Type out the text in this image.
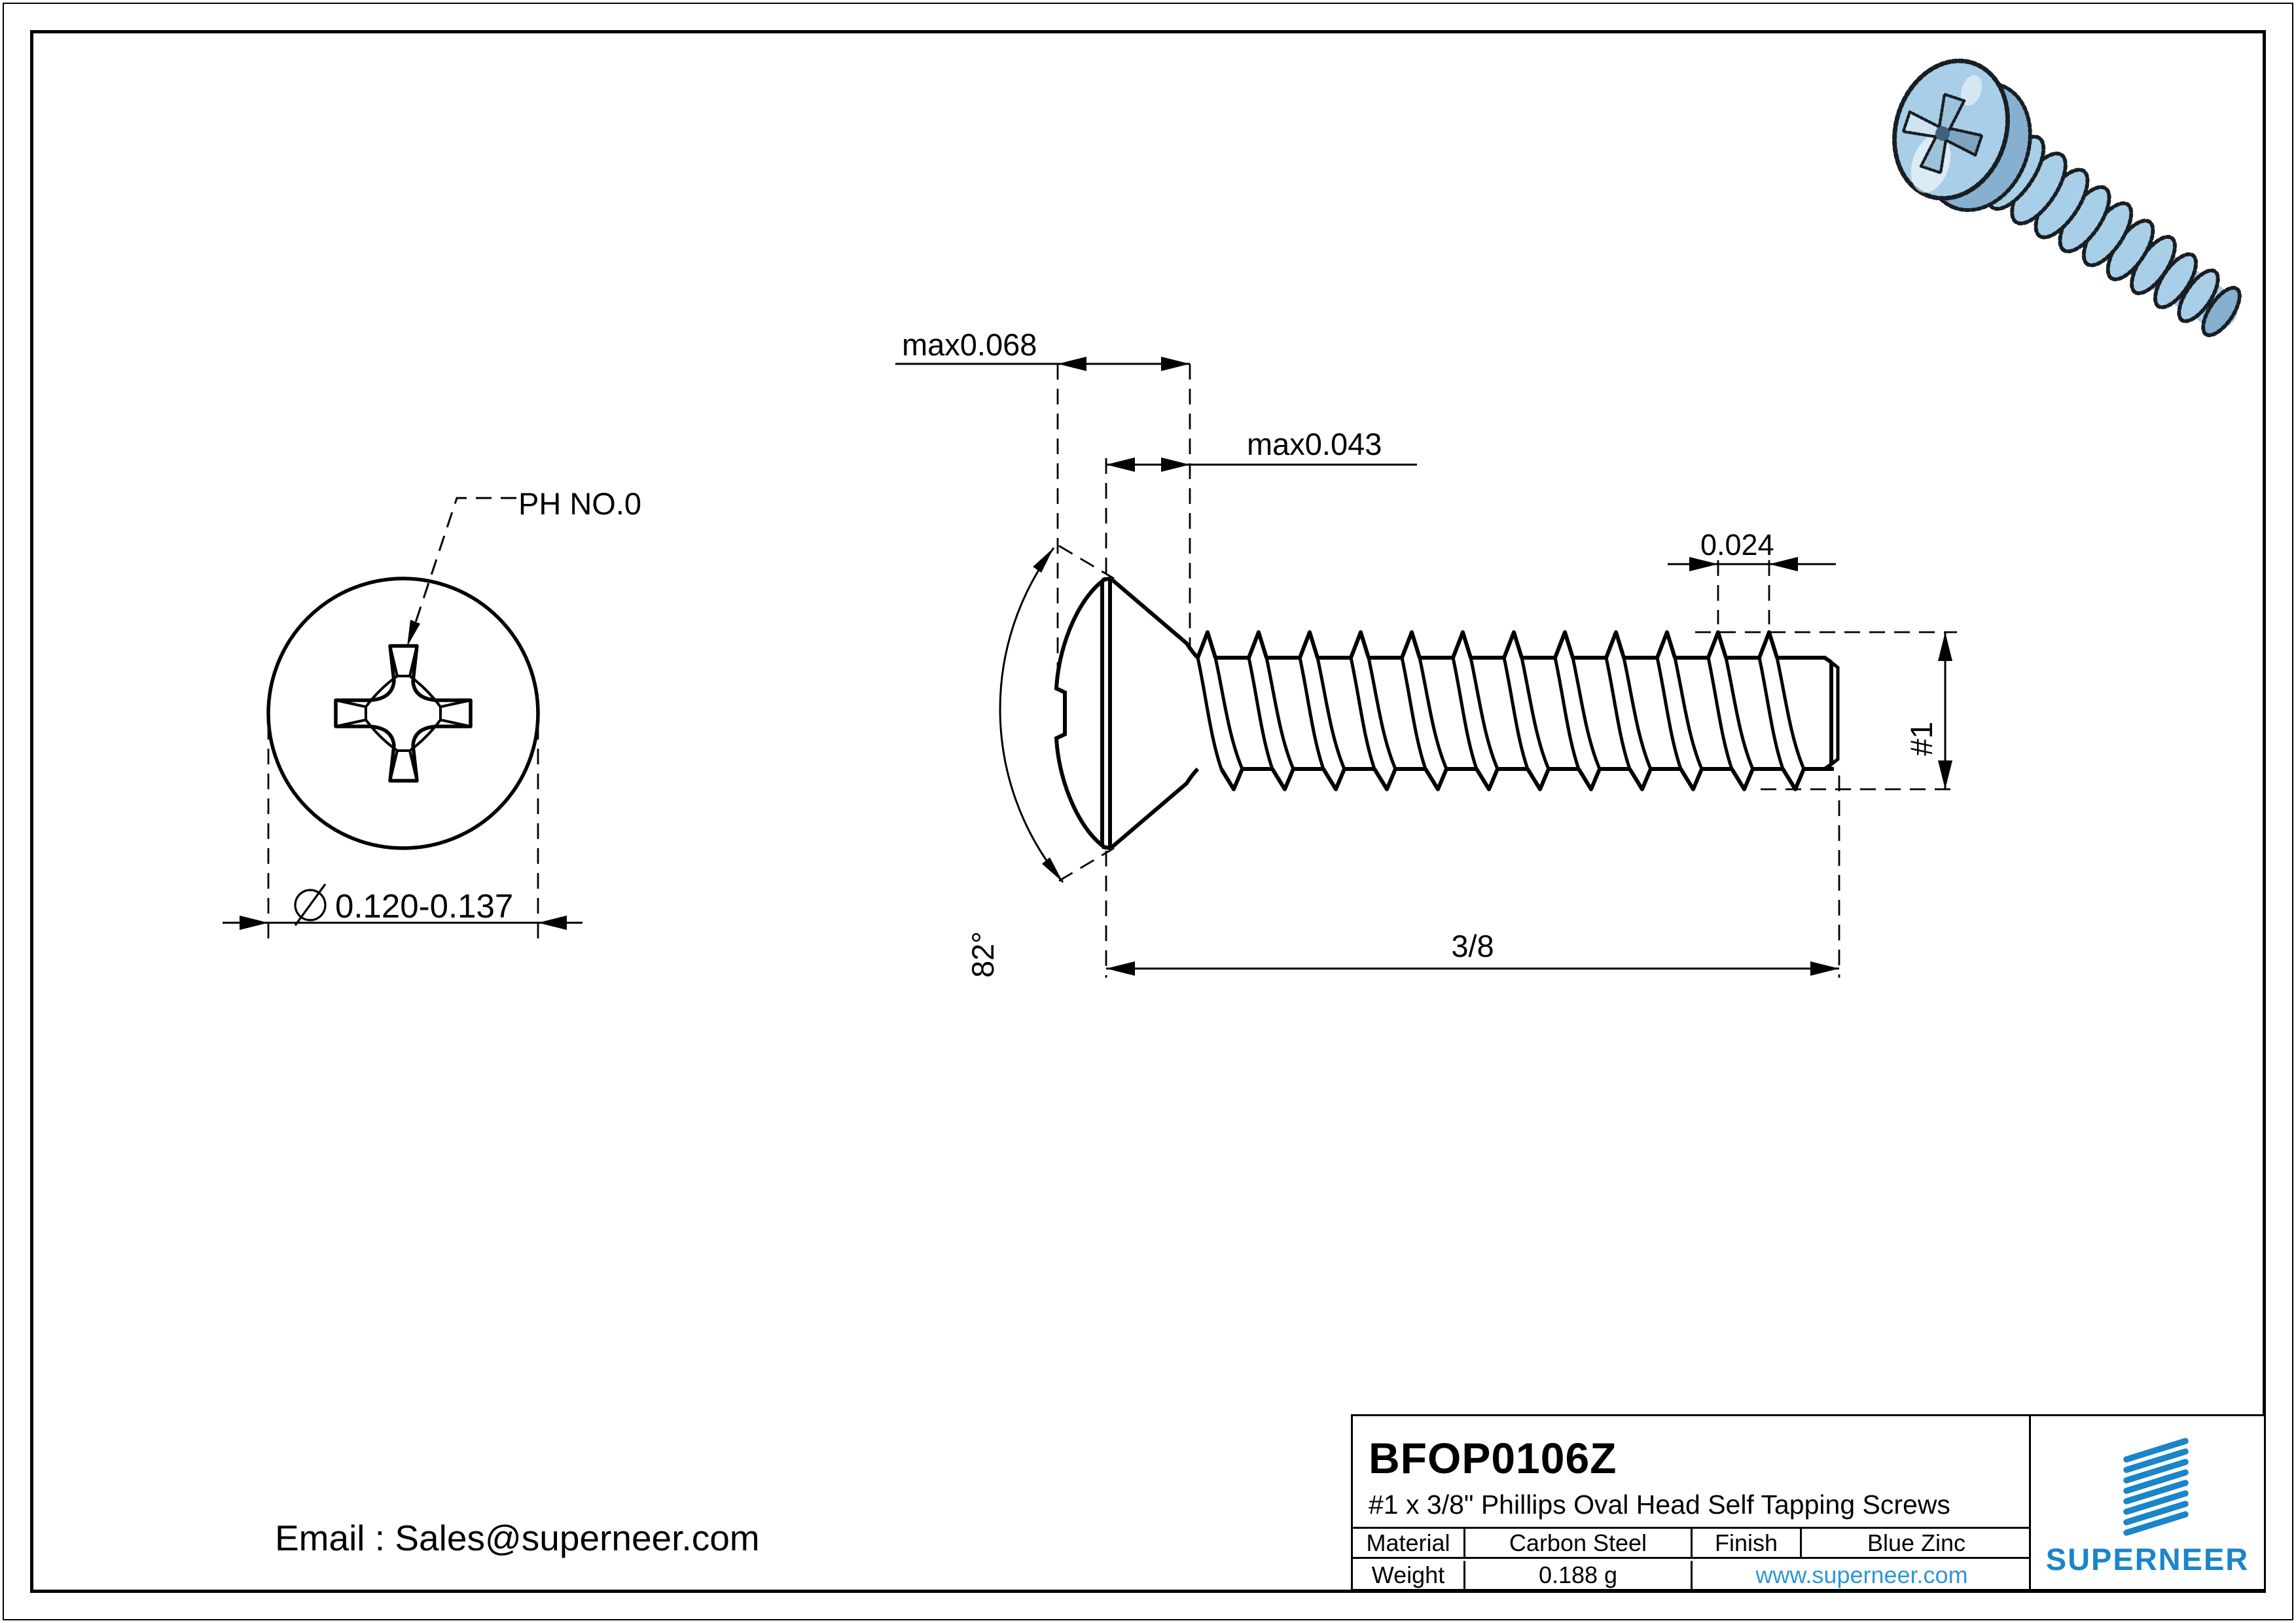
PH NO.0
0.120-0.137
max0.068
max0.043
82°
0.024
#1
3/8
Email : Sales@superneer.com
BFOP0106Z
#1 x 3/8" Phillips Oval Head Self Tapping Screws
Material	Carbon Steel	Finish	Blue Zinc
Weight	0.188 g	www.superneer.com	SUPERNEER
